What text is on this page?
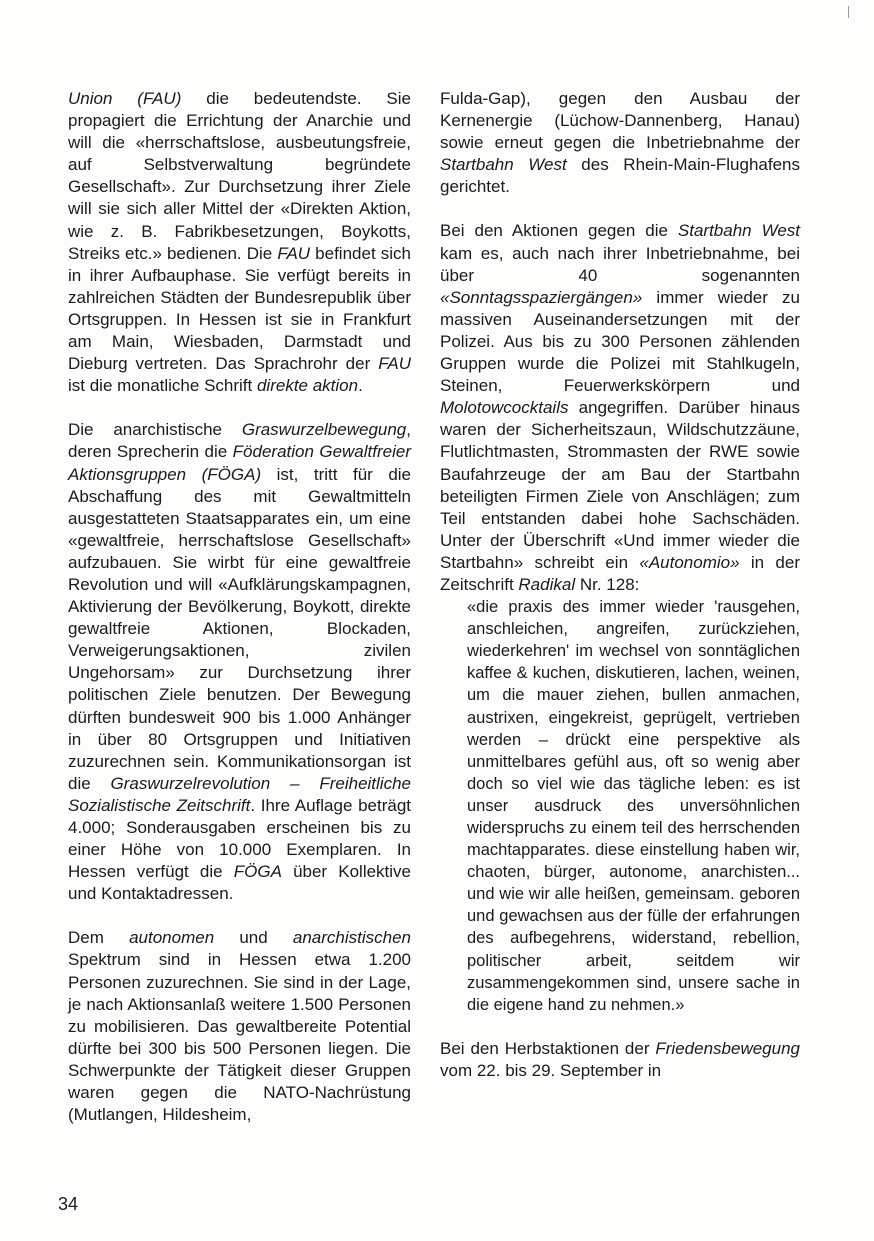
Union (FAU) die bedeutendste. Sie propagiert die Errichtung der Anarchie und will die «herrschaftslose, ausbeutungsfreie, auf Selbstverwaltung begründete Gesellschaft». Zur Durchsetzung ihrer Ziele will sie sich aller Mittel der «Direkten Aktion, wie z. B. Fabrikbesetzungen, Boykotts, Streiks etc.» bedienen. Die FAU befindet sich in ihrer Aufbauphase. Sie verfügt bereits in zahlreichen Städten der Bundesrepublik über Ortsgruppen. In Hessen ist sie in Frankfurt am Main, Wiesbaden, Darmstadt und Dieburg vertreten. Das Sprachrohr der FAU ist die monatliche Schrift direkte aktion.

Die anarchistische Graswurzelbewegung, deren Sprecherin die Föderation Gewaltfreier Aktionsgruppen (FÖGA) ist, tritt für die Abschaffung des mit Gewaltmitteln ausgestatteten Staatsapparates ein, um eine «gewaltfreie, herrschaftslose Gesellschaft» aufzubauen. Sie wirbt für eine gewaltfreie Revolution und will «Aufklärungskampagnen, Aktivierung der Bevölkerung, Boykott, direkte gewaltfreie Aktionen, Blockaden, Verweigerungsaktionen, zivilen Ungehorsam» zur Durchsetzung ihrer politischen Ziele benutzen. Der Bewegung dürften bundesweit 900 bis 1.000 Anhänger in über 80 Ortsgruppen und Initiativen zuzurechnen sein. Kommunikationsorgan ist die Graswurzelrevolution – Freiheitliche Sozialistische Zeitschrift. Ihre Auflage beträgt 4.000; Sonderausgaben erscheinen bis zu einer Höhe von 10.000 Exemplaren. In Hessen verfügt die FÖGA über Kollektive und Kontaktadressen.

Dem autonomen und anarchistischen Spektrum sind in Hessen etwa 1.200 Personen zuzurechnen. Sie sind in der Lage, je nach Aktionsanlaß weitere 1.500 Personen zu mobilisieren. Das gewaltbereite Potential dürfte bei 300 bis 500 Personen liegen. Die Schwerpunkte der Tätigkeit dieser Gruppen waren gegen die NATO-Nachrüstung (Mutlangen, Hildesheim,

Fulda-Gap), gegen den Ausbau der Kernenergie (Lüchow-Dannenberg, Hanau) sowie erneut gegen die Inbetriebnahme der Startbahn West des Rhein-Main-Flughafens gerichtet.

Bei den Aktionen gegen die Startbahn West kam es, auch nach ihrer Inbetriebnahme, bei über 40 sogenannten «Sonntagsspaziergängen» immer wieder zu massiven Auseinandersetzungen mit der Polizei. Aus bis zu 300 Personen zählenden Gruppen wurde die Polizei mit Stahlkugeln, Steinen, Feuerwerkskörpern und Molotowcocktails angegriffen. Darüber hinaus waren der Sicherheitszaun, Wildschutzzäune, Flutlichtmasten, Strommasten der RWE sowie Baufahrzeuge der am Bau der Startbahn beteiligten Firmen Ziele von Anschlägen; zum Teil entstanden dabei hohe Sachschäden. Unter der Überschrift «Und immer wieder die Startbahn» schreibt ein «Autonomio» in der Zeitschrift Radikal Nr. 128:

«die praxis des immer wieder 'rausgehen, anschleichen, angreifen, zurückziehen, wiederkehren' im wechsel von sonntäglichen kaffee & kuchen, diskutieren, lachen, weinen, um die mauer ziehen, bullen anmachen, austrixen, eingekreist, geprügelt, vertrieben werden – drückt eine perspektive als unmittelbares gefühl aus, oft so wenig aber doch so viel wie das tägliche leben: es ist unser ausdruck des unversöhnlichen widerspruchs zu einem teil des herrschenden machtapparates. diese einstellung haben wir, chaoten, bürger, autonome, anarchisten... und wie wir alle heißen, gemeinsam. geboren und gewachsen aus der fülle der erfahrungen des aufbegehrens, widerstand, rebellion, politischer arbeit, seitdem wir zusammengekommen sind, unsere sache in die eigene hand zu nehmen.»

Bei den Herbstaktionen der Friedensbewegung vom 22. bis 29. September in

34
